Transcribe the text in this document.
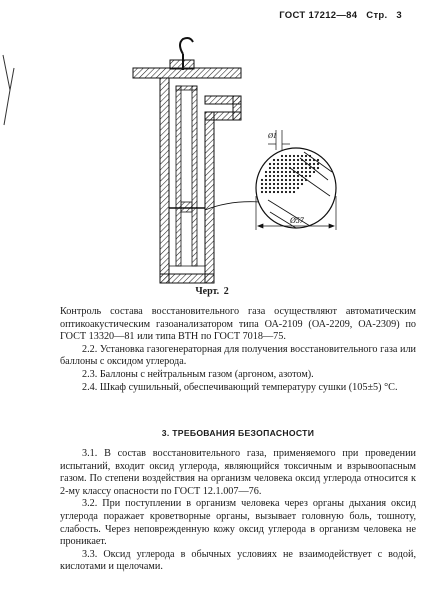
ГОСТ 17212—84 Стр. 3
Ø57
Ø1
Черт. 2

Контроль состава восстановительного газа осуществляют автоматическим оптикоакустическим газоанализатором типа ОА-2109 (ОА-2209, ОА-2309) по ГОСТ 13320—81 или типа ВТН по ГОСТ 7018—75.

2.2. Установка газогенераторная для получения восстановительного газа или баллоны с оксидом углерода.

2.3. Баллоны с нейтральным газом (аргоном, азотом).

2.4. Шкаф сушильный, обеспечивающий температуру сушки (105±5) °С.

3. ТРЕБОВАНИЯ БЕЗОПАСНОСТИ

3.1. В состав восстановительного газа, применяемого при проведении испытаний, входит оксид углерода, являющийся токсичным и взрывоопасным газом. По степени воздействия на организм человека оксид углерода относится к 2-му классу опасности по ГОСТ 12.1.007—76.

3.2. При поступлении в организм человека через органы дыхания оксид углерода поражает кроветворные органы, вызывает головную боль, тошноту, слабость. Через неповрежденную кожу оксид углерода в организм человека не проникает.

3.3. Оксид углерода в обычных условиях не взаимодействует с водой, кислотами и щелочами.
